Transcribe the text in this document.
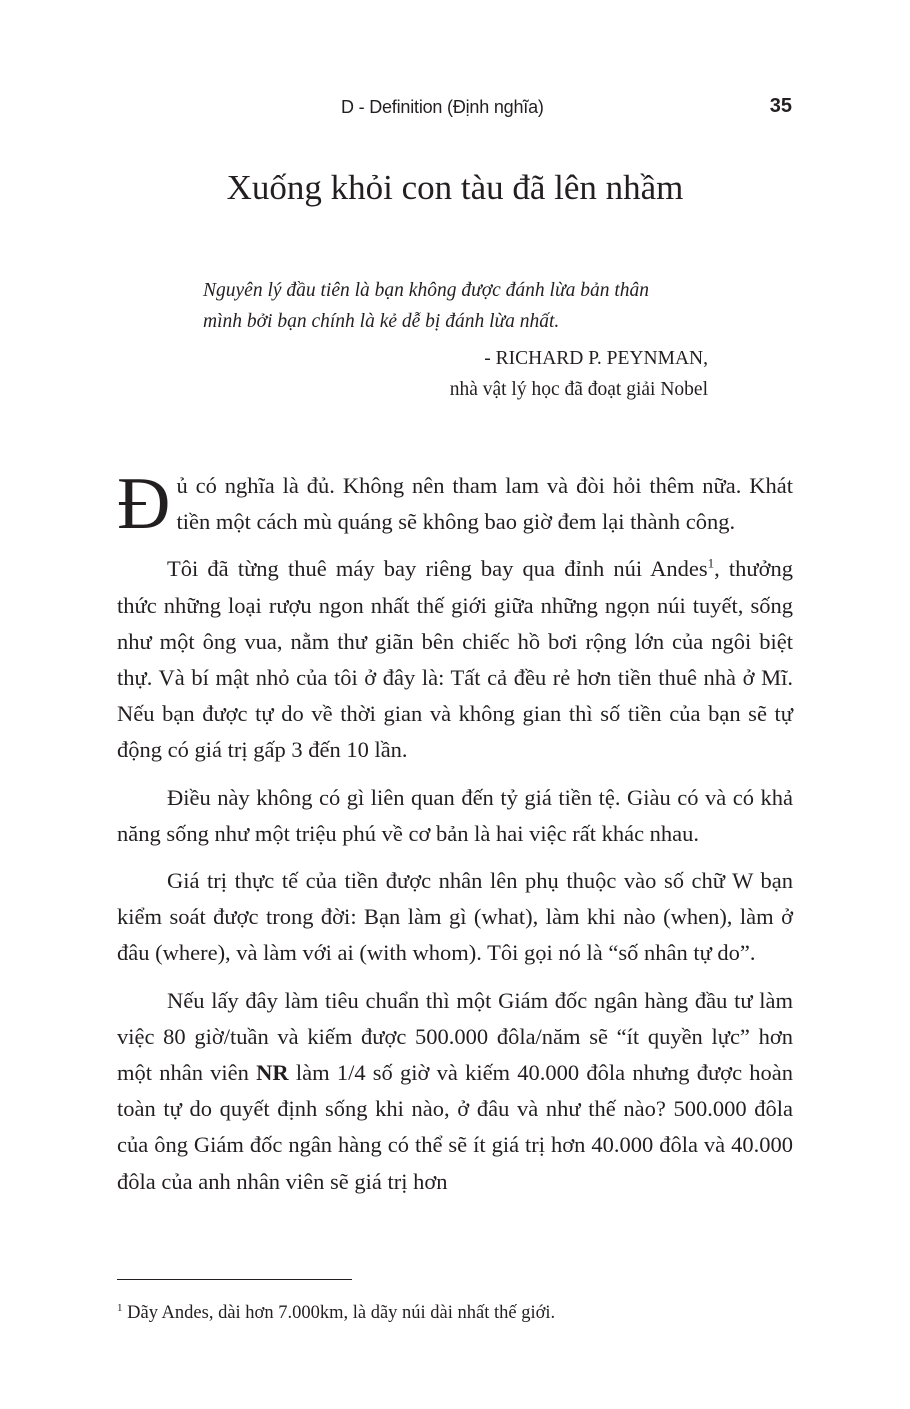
D - Definition (Định nghĩa)	35
Xuống khỏi con tàu đã lên nhầm

Nguyên lý đầu tiên là bạn không được đánh lừa bản thân
mình bởi bạn chính là kẻ dễ bị đánh lừa nhất.

- RICHARD P. PEYNMAN,

nhà vật lý học đã đoạt giải Nobel

Đủ có nghĩa là đủ. Không nên tham lam và đòi hỏi thêm nữa. Khát tiền một cách mù quáng sẽ không bao giờ đem lại thành công.

Tôi đã từng thuê máy bay riêng bay qua đỉnh núi Andes$^1$, thưởng thức những loại rượu ngon nhất thế giới giữa những ngọn núi tuyết, sống như một ông vua, nằm thư giãn bên chiếc hồ bơi rộng lớn của ngôi biệt thự. Và bí mật nhỏ của tôi ở đây là: Tất cả đều rẻ hơn tiền thuê nhà ở Mĩ. Nếu bạn được tự do về thời gian và không gian thì số tiền của bạn sẽ tự động có giá trị gấp 3 đến 10 lần.

Điều này không có gì liên quan đến tỷ giá tiền tệ. Giàu có và có khả năng sống như một triệu phú về cơ bản là hai việc rất khác nhau.

Giá trị thực tế của tiền được nhân lên phụ thuộc vào số chữ W bạn kiểm soát được trong đời: Bạn làm gì (what), làm khi nào (when), làm ở đâu (where), và làm với ai (with whom). Tôi gọi nó là “số nhân tự do”.

Nếu lấy đây làm tiêu chuẩn thì một Giám đốc ngân hàng đầu tư làm việc 80 giờ/tuần và kiếm được 500.000 đôla/năm sẽ “ít quyền lực” hơn một nhân viên NR làm 1/4 số giờ và kiếm 40.000 đôla nhưng được hoàn toàn tự do quyết định sống khi nào, ở đâu và như thế nào? 500.000 đôla của ông Giám đốc ngân hàng có thể sẽ ít giá trị hơn 40.000 đôla và 40.000 đôla của anh nhân viên sẽ giá trị hơn

$^1$ Dãy Andes, dài hơn 7.000km, là dãy núi dài nhất thế giới.
